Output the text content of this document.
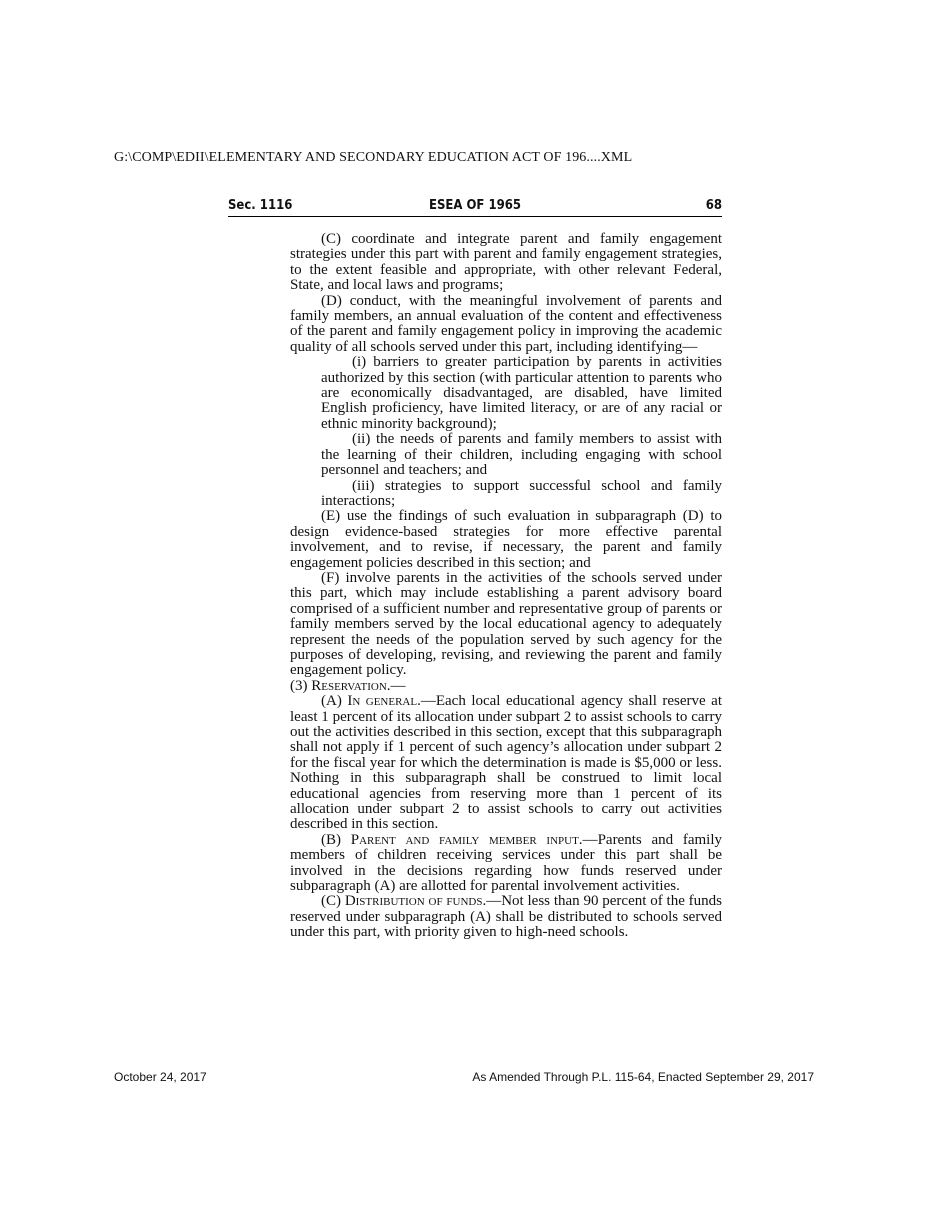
G:\COMP\EDII\ELEMENTARY AND SECONDARY EDUCATION ACT OF 196....XML
ESEA OF 1965
Sec. 1116	68

(C) coordinate and integrate parent and family engagement strategies under this part with parent and family engagement strategies, to the extent feasible and appropriate, with other relevant Federal, State, and local laws and programs;

(D) conduct, with the meaningful involvement of parents and family members, an annual evaluation of the content and effectiveness of the parent and family engagement policy in improving the academic quality of all schools served under this part, including identifying—

(i) barriers to greater participation by parents in activities authorized by this section (with particular attention to parents who are economically disadvantaged, are disabled, have limited English proficiency, have limited literacy, or are of any racial or ethnic minority background);

(ii) the needs of parents and family members to assist with the learning of their children, including engaging with school personnel and teachers; and

(iii) strategies to support successful school and family interactions;

(E) use the findings of such evaluation in subparagraph (D) to design evidence-based strategies for more effective parental involvement, and to revise, if necessary, the parent and family engagement policies described in this section; and

(F) involve parents in the activities of the schools served under this part, which may include establishing a parent advisory board comprised of a sufficient number and representative group of parents or family members served by the local educational agency to adequately represent the needs of the population served by such agency for the purposes of developing, revising, and reviewing the parent and family engagement policy.

(3) Reservation.—

(A) In general.—Each local educational agency shall reserve at least 1 percent of its allocation under subpart 2 to assist schools to carry out the activities described in this section, except that this subparagraph shall not apply if 1 percent of such agency’s allocation under subpart 2 for the fiscal year for which the determination is made is $5,000 or less. Nothing in this subparagraph shall be construed to limit local educational agencies from reserving more than 1 percent of its allocation under subpart 2 to assist schools to carry out activities described in this section.

(B) Parent and family member input.—Parents and family members of children receiving services under this part shall be involved in the decisions regarding how funds reserved under subparagraph (A) are allotted for parental involvement activities.

(C) Distribution of funds.—Not less than 90 percent of the funds reserved under subparagraph (A) shall be distributed to schools served under this part, with priority given to high-need schools.

October 24, 2017	As Amended Through P.L. 115-64, Enacted September 29, 2017
